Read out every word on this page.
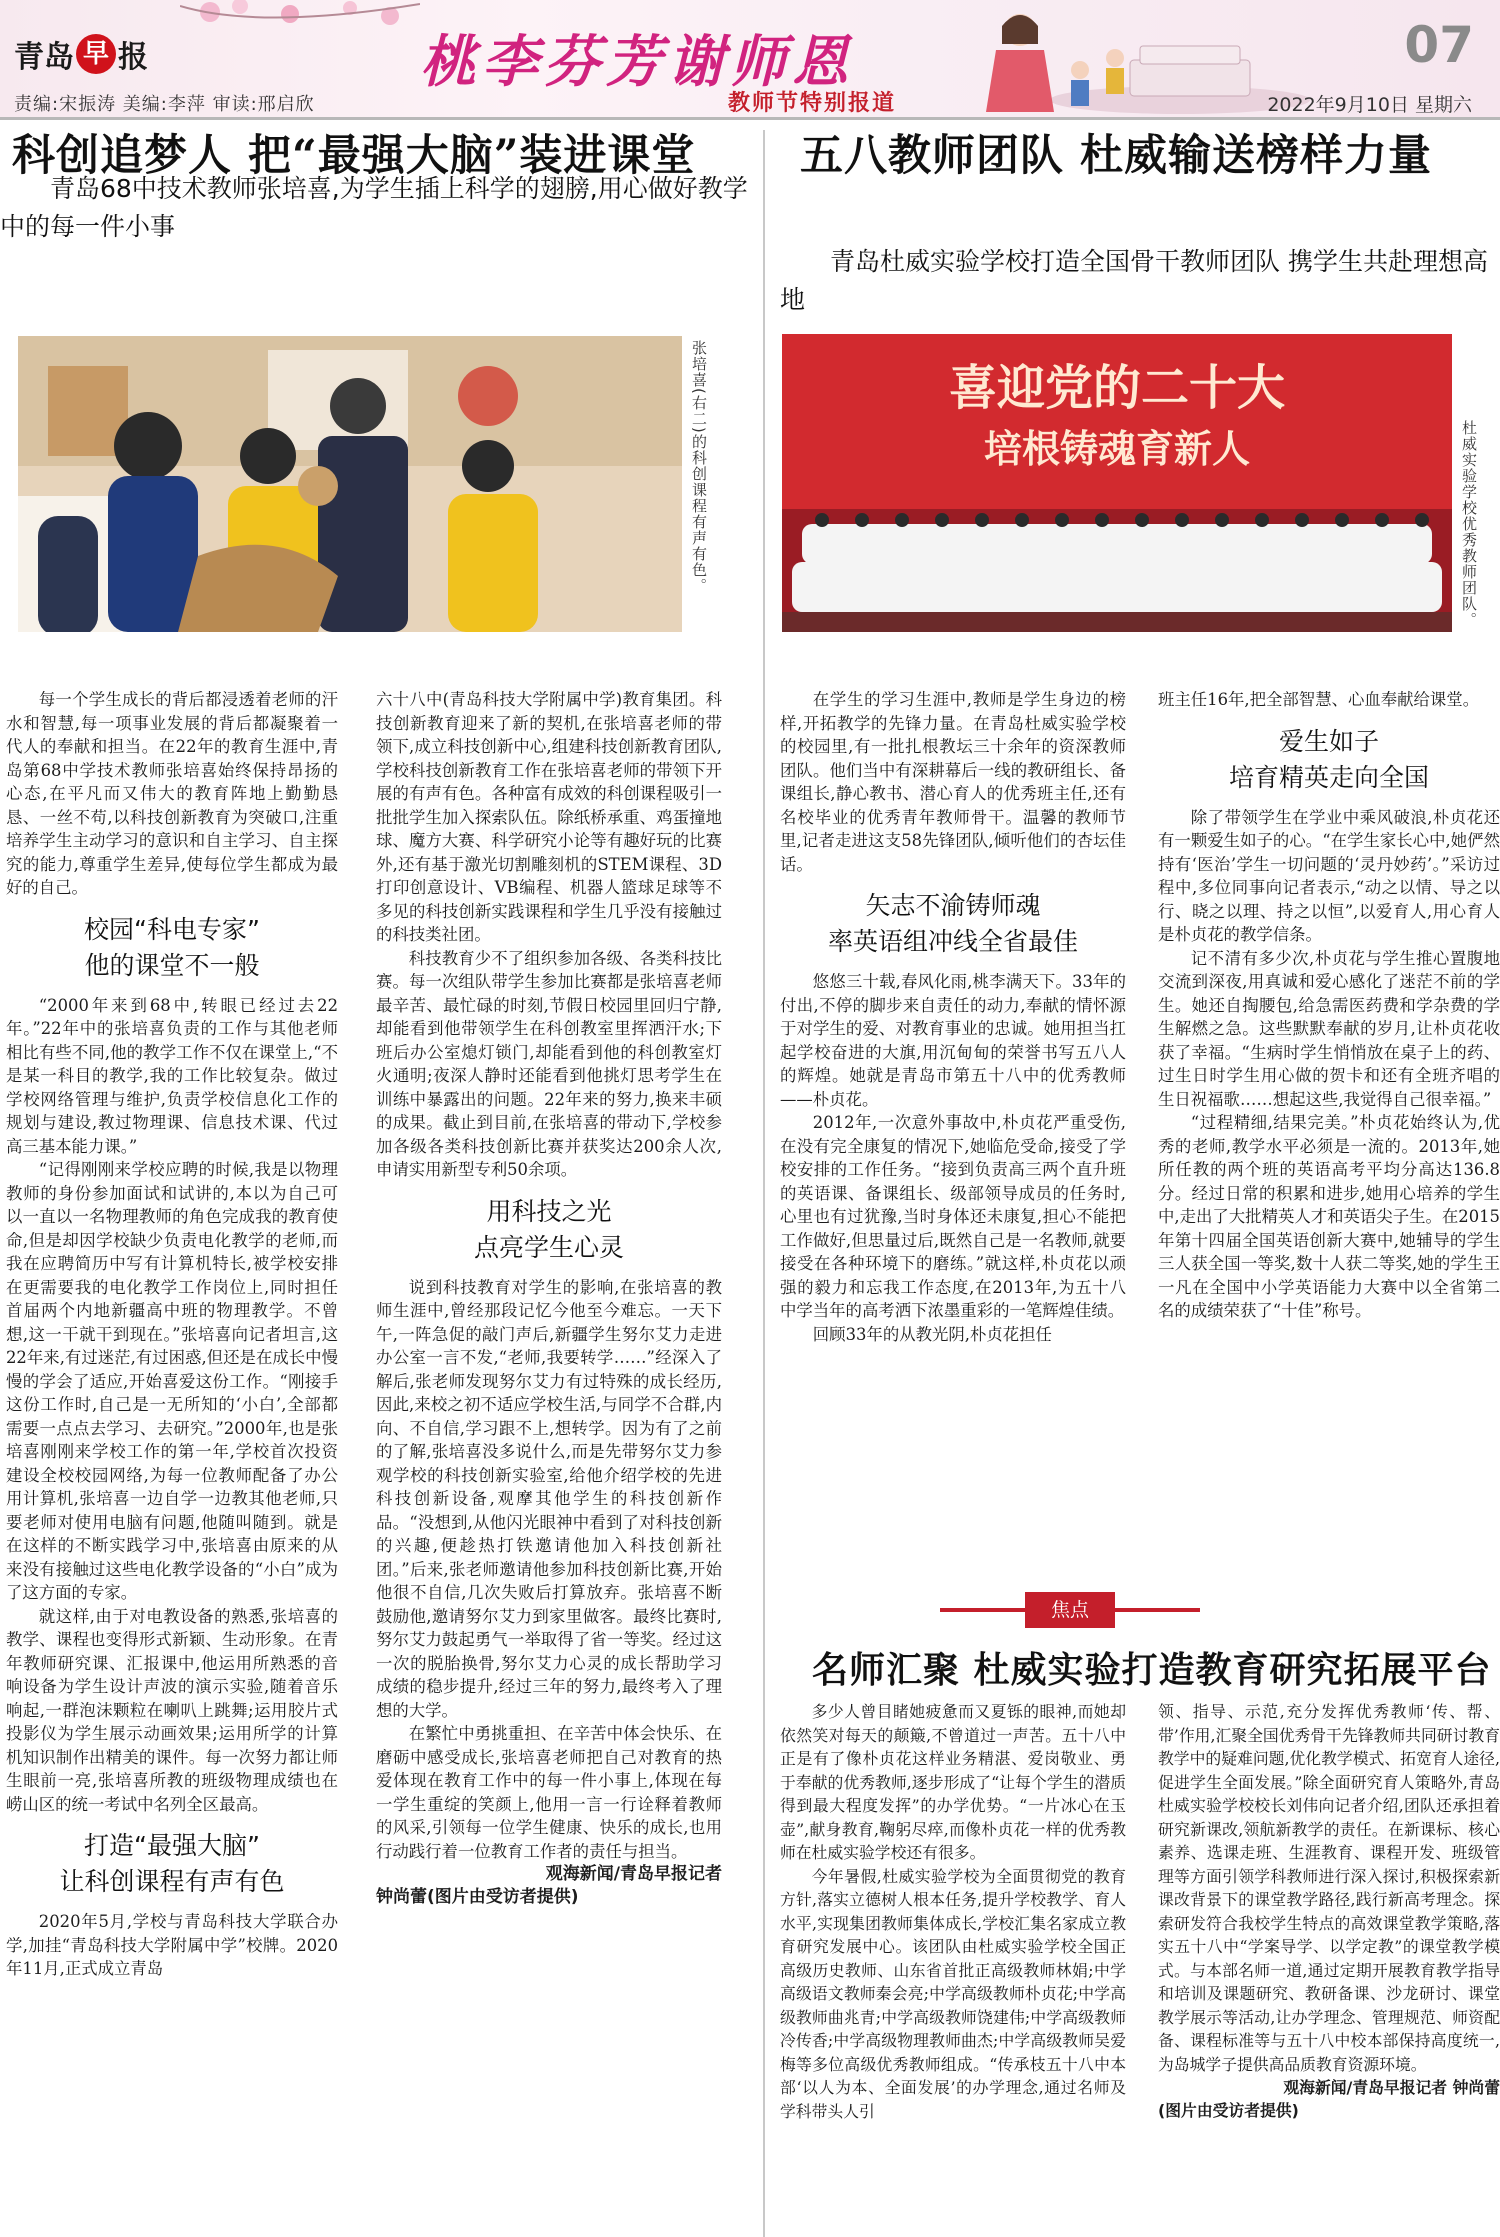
青岛 早 报
责编:宋振涛 美编:李萍 审读:邢启欣
桃李芬芳谢师恩
教师节特别报道
07
2022年9月10日 星期六
科创追梦人 把“最强大脑”装进课堂
青岛68中技术教师张培喜,为学生插上科学的翅膀,用心做好教学中的每一件小事
张培喜(右二)的科创课程有声有色。

每一个学生成长的背后都浸透着老师的汗水和智慧,每一项事业发展的背后都凝聚着一代人的奉献和担当。在22年的教育生涯中,青岛第68中学技术教师张培喜始终保持昂扬的心态,在平凡而又伟大的教育阵地上勤勤恳恳、一丝不苟,以科技创新教育为突破口,注重培养学生主动学习的意识和自主学习、自主探究的能力,尊重学生差异,使每位学生都成为最好的自己。

校园“科电专家”
他的课堂不一般

“2000年来到68中,转眼已经过去22年。”22年中的张培喜负责的工作与其他老师相比有些不同,他的教学工作不仅在课堂上,“不是某一科目的教学,我的工作比较复杂。做过学校网络管理与维护,负责学校信息化工作的规划与建设,教过物理课、信息技术课、代过高三基本能力课。”

“记得刚刚来学校应聘的时候,我是以物理教师的身份参加面试和试讲的,本以为自己可以一直以一名物理教师的角色完成我的教育使命,但是却因学校缺少负责电化教学的老师,而我在应聘简历中写有计算机特长,被学校安排在更需要我的电化教学工作岗位上,同时担任首届两个内地新疆高中班的物理教学。不曾想,这一干就干到现在。”张培喜向记者坦言,这22年来,有过迷茫,有过困惑,但还是在成长中慢慢的学会了适应,开始喜爱这份工作。“刚接手这份工作时,自己是一无所知的‘小白’,全部都需要一点点去学习、去研究。”2000年,也是张培喜刚刚来学校工作的第一年,学校首次投资建设全校校园网络,为每一位教师配备了办公用计算机,张培喜一边自学一边教其他老师,只要老师对使用电脑有问题,他随叫随到。就是在这样的不断实践学习中,张培喜由原来的从来没有接触过这些电化教学设备的“小白”成为了这方面的专家。

就这样,由于对电教设备的熟悉,张培喜的教学、课程也变得形式新颖、生动形象。在青年教师研究课、汇报课中,他运用所熟悉的音响设备为学生设计声波的演示实验,随着音乐响起,一群泡沫颗粒在喇叭上跳舞;运用胶片式投影仪为学生展示动画效果;运用所学的计算机知识制作出精美的课件。每一次努力都让师生眼前一亮,张培喜所教的班级物理成绩也在崂山区的统一考试中名列全区最高。

打造“最强大脑”
让科创课程有声有色

2020年5月,学校与青岛科技大学联合办学,加挂“青岛科技大学附属中学”校牌。2020年11月,正式成立青岛

六十八中(青岛科技大学附属中学)教育集团。科技创新教育迎来了新的契机,在张培喜老师的带领下,成立科技创新中心,组建科技创新教育团队,学校科技创新教育工作在张培喜老师的带领下开展的有声有色。各种富有成效的科创课程吸引一批批学生加入探索队伍。除纸桥承重、鸡蛋撞地球、魔方大赛、科学研究小论等有趣好玩的比赛外,还有基于激光切割雕刻机的STEM课程、3D打印创意设计、VB编程、机器人篮球足球等不多见的科技创新实践课程和学生几乎没有接触过的科技类社团。

科技教育少不了组织参加各级、各类科技比赛。每一次组队带学生参加比赛都是张培喜老师最辛苦、最忙碌的时刻,节假日校园里回归宁静,却能看到他带领学生在科创教室里挥洒汗水;下班后办公室熄灯锁门,却能看到他的科创教室灯火通明;夜深人静时还能看到他挑灯思考学生在训练中暴露出的问题。22年来的努力,换来丰硕的成果。截止到目前,在张培喜的带动下,学校参加各级各类科技创新比赛并获奖达200余人次,申请实用新型专利50余项。

用科技之光
点亮学生心灵

说到科技教育对学生的影响,在张培喜的教师生涯中,曾经那段记忆今他至今难忘。一天下午,一阵急促的敲门声后,新疆学生努尔艾力走进办公室一言不发,“老师,我要转学……”经深入了解后,张老师发现努尔艾力有过特殊的成长经历,因此,来校之初不适应学校生活,与同学不合群,内向、不自信,学习跟不上,想转学。因为有了之前的了解,张培喜没多说什么,而是先带努尔艾力参观学校的科技创新实验室,给他介绍学校的先进科技创新设备,观摩其他学生的科技创新作品。“没想到,从他闪光眼神中看到了对科技创新的兴趣,便趁热打铁邀请他加入科技创新社团。”后来,张老师邀请他参加科技创新比赛,开始他很不自信,几次失败后打算放弃。张培喜不断鼓励他,邀请努尔艾力到家里做客。最终比赛时,努尔艾力鼓起勇气一举取得了省一等奖。经过这一次的脱胎换骨,努尔艾力心灵的成长帮助学习成绩的稳步提升,经过三年的努力,最终考入了理想的大学。

在繁忙中勇挑重担、在辛苦中体会快乐、在磨砺中感受成长,张培喜老师把自己对教育的热爱体现在教育工作中的每一件小事上,体现在每一学生重绽的笑颜上,他用一言一行诠释着教师的风采,引领每一位学生健康、快乐的成长,也用行动践行着一位教育工作者的责任与担当。

观海新闻/青岛早报记者

钟尚蕾(图片由受访者提供)

五八教师团队 杜威输送榜样力量
青岛杜威实验学校打造全国骨干教师团队 携学生共赴理想高地
喜迎党的二十大
培根铸魂育新人	杜威实验学校优秀教师团队。

在学生的学习生涯中,教师是学生身边的榜样,开拓教学的先锋力量。在青岛杜威实验学校的校园里,有一批扎根教坛三十余年的资深教师团队。他们当中有深耕幕后一线的教研组长、备课组长,静心教书、潜心育人的优秀班主任,还有名校毕业的优秀青年教师骨干。温馨的教师节里,记者走进这支58先锋团队,倾听他们的杏坛佳话。

矢志不渝铸师魂
率英语组冲线全省最佳

悠悠三十载,春风化雨,桃李满天下。33年的付出,不停的脚步来自责任的动力,奉献的情怀源于对学生的爱、对教育事业的忠诚。她用担当扛起学校奋进的大旗,用沉甸甸的荣誉书写五八人的辉煌。她就是青岛市第五十八中的优秀教师——朴贞花。

2012年,一次意外事故中,朴贞花严重受伤,在没有完全康复的情况下,她临危受命,接受了学校安排的工作任务。“接到负责高三两个直升班的英语课、备课组长、级部领导成员的任务时,心里也有过犹豫,当时身体还未康复,担心不能把工作做好,但思量过后,既然自己是一名教师,就要接受在各种环境下的磨练。”就这样,朴贞花以顽强的毅力和忘我工作态度,在2013年,为五十八中学当年的高考洒下浓墨重彩的一笔辉煌佳绩。

回顾33年的从教光阴,朴贞花担任

班主任16年,把全部智慧、心血奉献给课堂。

爱生如子
培育精英走向全国

除了带领学生在学业中乘风破浪,朴贞花还有一颗爱生如子的心。“在学生家长心中,她俨然持有‘医治’学生一切问题的‘灵丹妙药’。”采访过程中,多位同事向记者表示,“动之以情、导之以行、晓之以理、持之以恒”,以爱育人,用心育人是朴贞花的教学信条。

记不清有多少次,朴贞花与学生推心置腹地交流到深夜,用真诚和爱心感化了迷茫不前的学生。她还自掏腰包,给急需医药费和学杂费的学生解燃之急。这些默默奉献的岁月,让朴贞花收获了幸福。“生病时学生悄悄放在桌子上的药、过生日时学生用心做的贺卡和还有全班齐唱的生日祝福歌……想起这些,我觉得自己很幸福。”

“过程精细,结果完美。”朴贞花始终认为,优秀的老师,教学水平必须是一流的。2013年,她所任教的两个班的英语高考平均分高达136.8分。经过日常的积累和进步,她用心培养的学生中,走出了大批精英人才和英语尖子生。在2015年第十四届全国英语创新大赛中,她辅导的学生三人获全国一等奖,数十人获二等奖,她的学生王一凡在全国中小学英语能力大赛中以全省第二名的成绩荣获了“十佳”称号。

焦点
名师汇聚 杜威实验打造教育研究拓展平台

多少人曾目睹她疲惫而又夏铄的眼神,而她却依然笑对每天的颠簸,不曾道过一声苦。五十八中正是有了像朴贞花这样业务精湛、爱岗敬业、勇于奉献的优秀教师,逐步形成了“让每个学生的潜质得到最大程度发挥”的办学优势。“一片冰心在玉壶”,献身教育,鞠躬尽瘁,而像朴贞花一样的优秀教师在杜威实验学校还有很多。

今年暑假,杜威实验学校为全面贯彻党的教育方针,落实立德树人根本任务,提升学校教学、育人水平,实现集团教师集体成长,学校汇集名家成立教育研究发展中心。该团队由杜威实验学校全国正高级历史教师、山东省首批正高级教师林娟;中学高级语文教师秦会亮;中学高级教师朴贞花;中学高级教师曲兆青;中学高级教师饶建伟;中学高级教师冷传香;中学高级物理教师曲杰;中学高级教师吴爱梅等多位高级优秀教师组成。“传承枝五十八中本部‘以人为本、全面发展’的办学理念,通过名师及学科带头人引

领、指导、示范,充分发挥优秀教师‘传、帮、带’作用,汇聚全国优秀骨干先锋教师共同研讨教育教学中的疑难问题,优化教学模式、拓宽育人途径,促进学生全面发展。”除全面研究育人策略外,青岛杜威实验学校校长刘伟向记者介绍,团队还承担着研究新课改,领航新教学的责任。在新课标、核心素养、选课走班、生涯教育、课程开发、班级管理等方面引领学科教师进行深入探讨,积极探索新课改背景下的课堂教学路径,践行新高考理念。探索研发符合我校学生特点的高效课堂教学策略,落实五十八中“学案导学、以学定教”的课堂教学模式。与本部名师一道,通过定期开展教育教学指导和培训及课题研究、教研备课、沙龙研讨、课堂教学展示等活动,让办学理念、管理规范、师资配备、课程标准等与五十八中校本部保持高度统一,为岛城学子提供高品质教育资源环境。

观海新闻/青岛早报记者 钟尚蕾

(图片由受访者提供)
